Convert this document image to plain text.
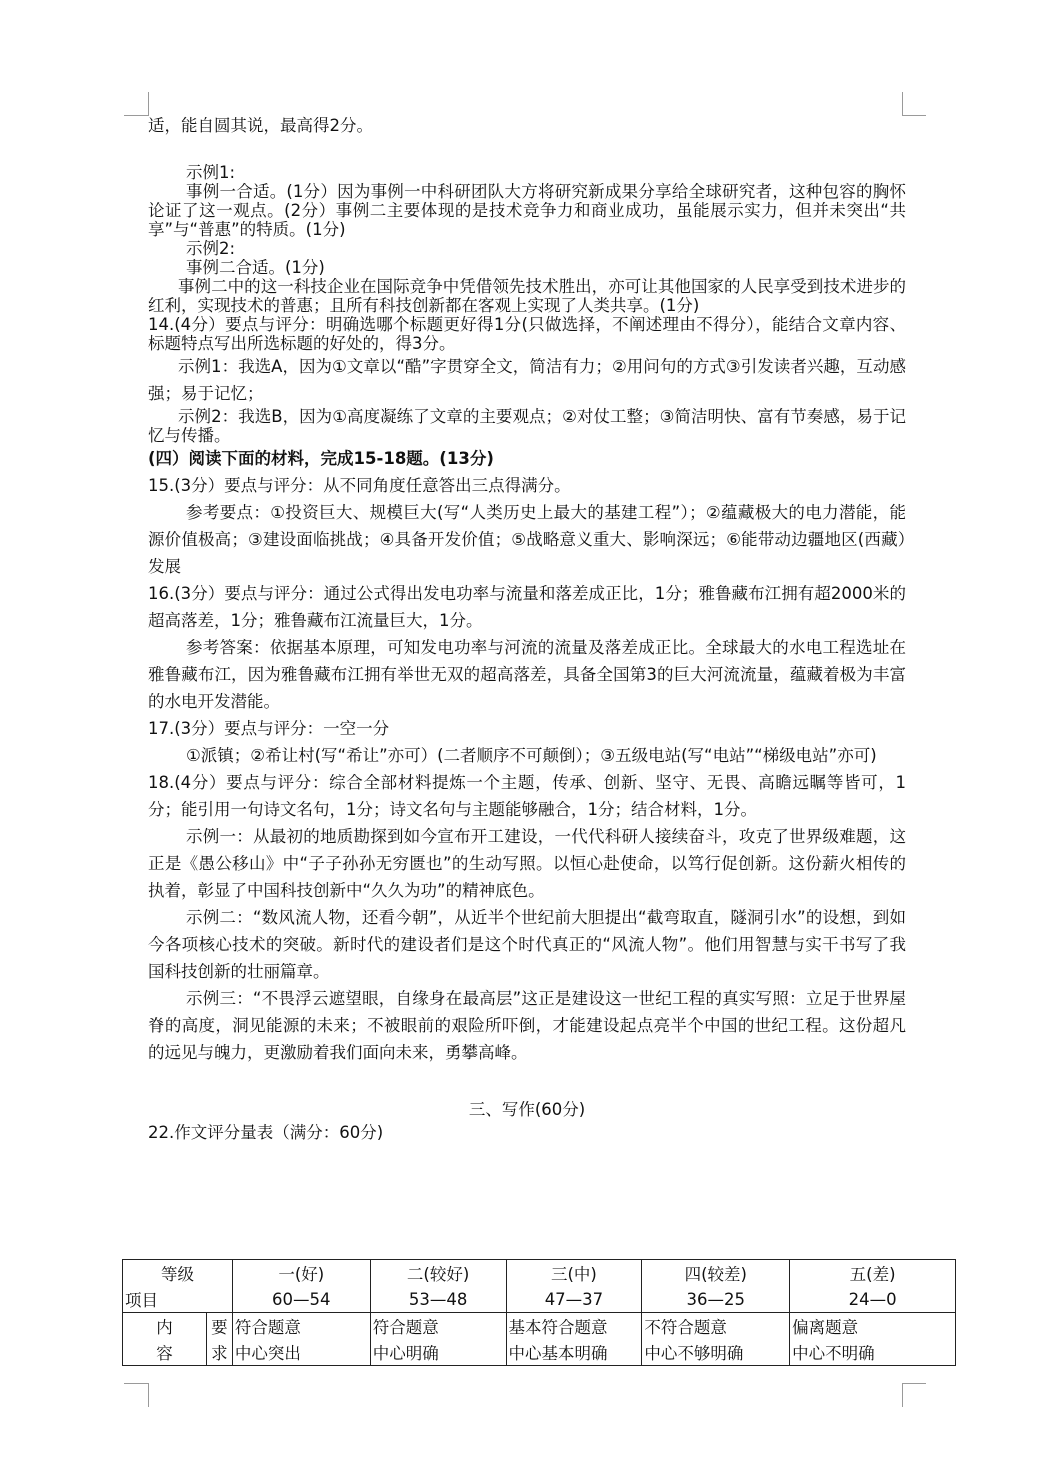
适，能自圆其说，最高得2分。

示例1:

事例一合适。(1分）因为事例一中科研团队大方将研究新成果分享给全球研究者，这种包容的胸怀论证了这一观点。(2分）事例二主要体现的是技术竞争力和商业成功，虽能展示实力，但并未突出“共享”与“普惠”的特质。(1分)

示例2:

事例二合适。(1分)

事例二中的这一科技企业在国际竞争中凭借领先技术胜出，亦可让其他国家的人民享受到技术进步的红利，实现技术的普惠；且所有科技创新都在客观上实现了人类共享。(1分)

14.(4分）要点与评分：明确选哪个标题更好得1分(只做选择，不阐述理由不得分），能结合文章内容、标题特点写出所选标题的好处的，得3分。

示例1：我选A，因为①文章以“酷”字贯穿全文，简洁有力；②用问句的方式③引发读者兴趣，互动感强；易于记忆；

示例2：我选B，因为①高度凝练了文章的主要观点；②对仗工整；③简洁明快、富有节奏感，易于记忆与传播。

(四）阅读下面的材料，完成15-18题。(13分)

15.(3分）要点与评分：从不同角度任意答出三点得满分。

参考要点：①投资巨大、规模巨大(写“人类历史上最大的基建工程”）；②蕴藏极大的电力潜能，能源价值极高；③建设面临挑战；④具备开发价值；⑤战略意义重大、影响深远；⑥能带动边疆地区(西藏）发展

16.(3分）要点与评分：通过公式得出发电功率与流量和落差成正比，1分；雅鲁藏布江拥有超2000米的超高落差，1分；雅鲁藏布江流量巨大，1分。

参考答案：依据基本原理，可知发电功率与河流的流量及落差成正比。全球最大的水电工程选址在雅鲁藏布江，因为雅鲁藏布江拥有举世无双的超高落差，具备全国第3的巨大河流流量，蕴藏着极为丰富的水电开发潜能。

17.(3分）要点与评分：一空一分

①派镇；②希让村(写“希让”亦可）(二者顺序不可颠倒）；③五级电站(写“电站”“梯级电站”亦可)

18.(4分）要点与评分：综合全部材料提炼一个主题，传承、创新、坚守、无畏、高瞻远瞩等皆可，1分；能引用一句诗文名句，1分；诗文名句与主题能够融合，1分；结合材料，1分。

示例一：从最初的地质勘探到如今宣布开工建设，一代代科研人接续奋斗，攻克了世界级难题，这正是《愚公移山》中“子子孙孙无穷匮也”的生动写照。以恒心赴使命，以笃行促创新。这份薪火相传的执着，彰显了中国科技创新中“久久为功”的精神底色。

示例二：“数风流人物，还看今朝”，从近半个世纪前大胆提出“截弯取直，隧洞引水”的设想，到如今各项核心技术的突破。新时代的建设者们是这个时代真正的“风流人物”。他们用智慧与实干书写了我国科技创新的壮丽篇章。

示例三：“不畏浮云遮望眼，自缘身在最高层”这正是建设这一世纪工程的真实写照：立足于世界屋脊的高度，洞见能源的未来；不被眼前的艰险所吓倒，才能建设起点亮半个中国的世纪工程。这份超凡的远见与魄力，更激励着我们面向未来，勇攀高峰。

三、写作(60分)

22.作文评分量表（满分：60分)

等级		一(好)	二(较好)	三(中)	四(较差)	五(差)
项目		60—54	53—48	47—37	36—25	24—0
内	要	符合题意	符合题意	基本符合题意	不符合题意	偏离题意
容	求	中心突出	中心明确	中心基本明确	中心不够明确	中心不明确
